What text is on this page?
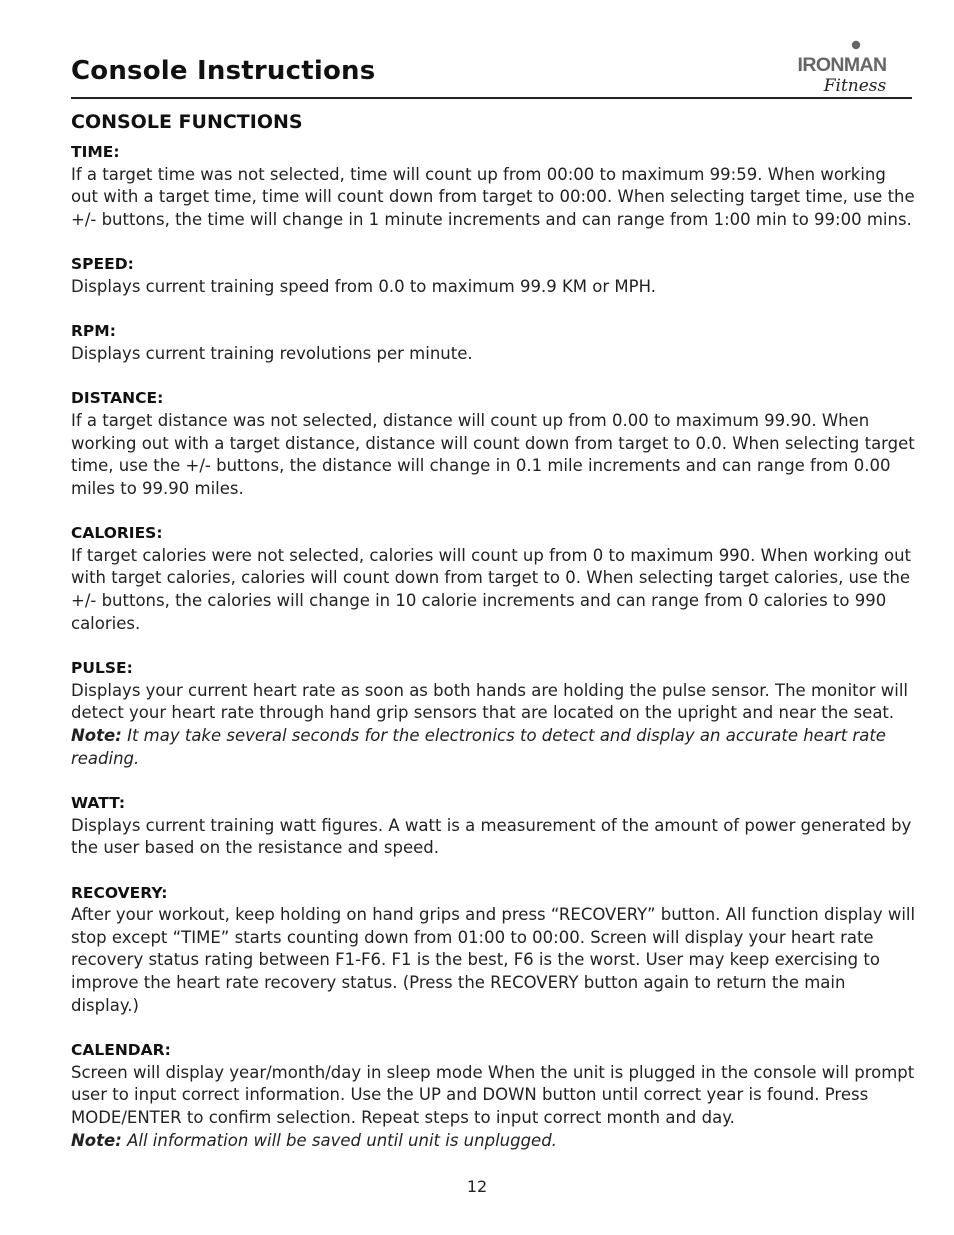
Console Instructions	IRONMAN
Fitness
CONSOLE FUNCTIONS
TIME:
If a target time was not selected, time will count up from 00:00 to maximum 99:59. When working out with a target time, time will count down from target to 00:00. When selecting target time, use the +/- buttons, the time will change in 1 minute increments and can range from 1:00 min to 99:00 mins.
SPEED:
Displays current training speed from 0.0 to maximum 99.9 KM or MPH.
RPM:
Displays current training revolutions per minute.
DISTANCE:
If a target distance was not selected, distance will count up from 0.00 to maximum 99.90. When working out with a target distance, distance will count down from target to 0.0. When selecting target time, use the +/- buttons, the distance will change in 0.1 mile increments and can range from 0.00 miles to 99.90 miles.
CALORIES:
If target calories were not selected, calories will count up from 0 to maximum 990. When working out with target calories, calories will count down from target to 0. When selecting target calories, use the +/- buttons, the calories will change in 10 calorie increments and can range from 0 calories to 990 calories.
PULSE:
Displays your current heart rate as soon as both hands are holding the pulse sensor. The monitor will detect your heart rate through hand grip sensors that are located on the upright and near the seat. Note: It may take several seconds for the electronics to detect and display an accurate heart rate reading.
WATT:
Displays current training watt figures. A watt is a measurement of the amount of power generated by the user based on the resistance and speed.
RECOVERY:
After your workout, keep holding on hand grips and press “RECOVERY” button. All function display will stop except “TIME” starts counting down from 01:00 to 00:00. Screen will display your heart rate recovery status rating between F1-F6. F1 is the best, F6 is the worst. User may keep exercising to improve the heart rate recovery status. (Press the RECOVERY button again to return the main display.)
CALENDAR:
Screen will display year/month/day in sleep mode When the unit is plugged in the console will prompt user to input correct information. Use the UP and DOWN button until correct year is found. Press MODE/ENTER to confirm selection. Repeat steps to input correct month and day.
Note: All information will be saved until unit is unplugged.
12
